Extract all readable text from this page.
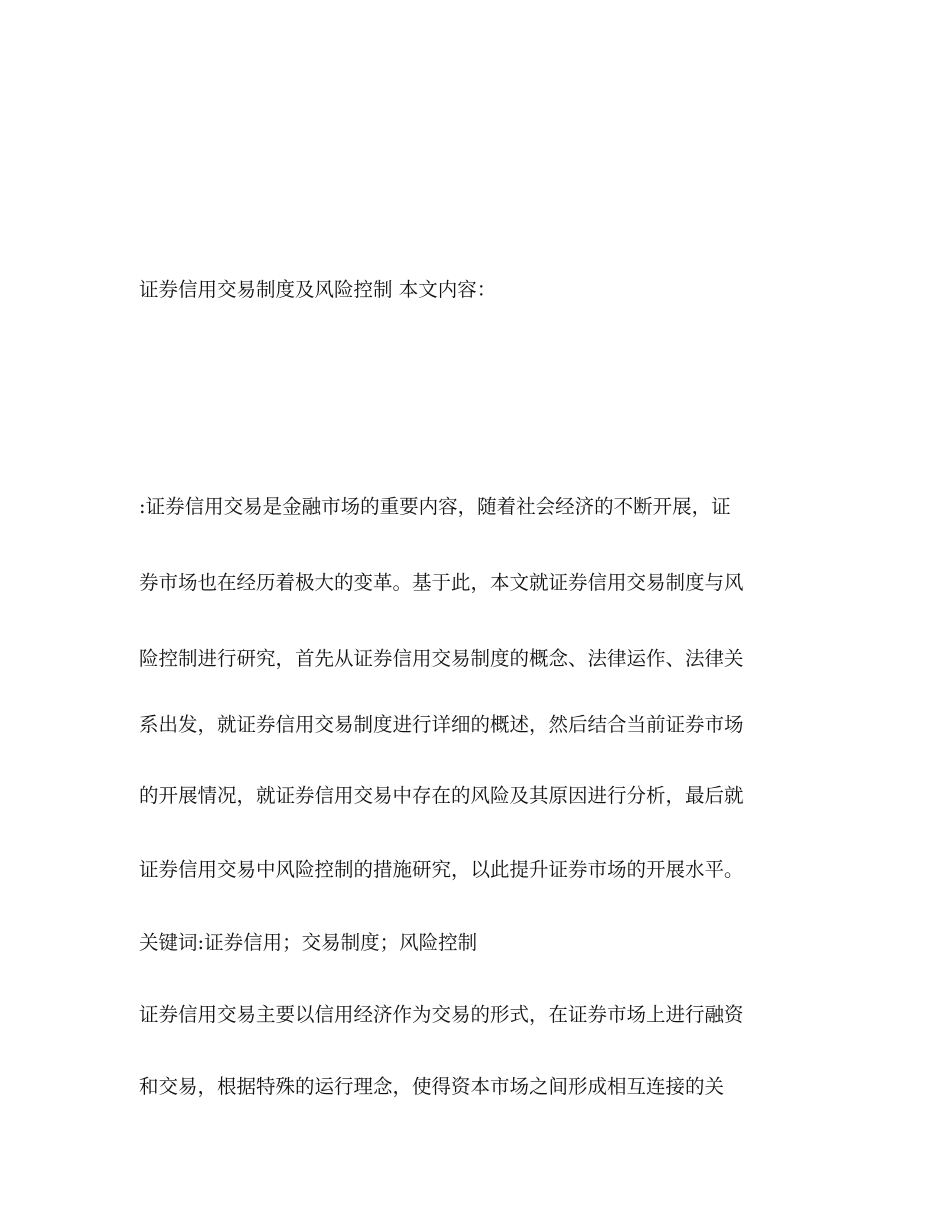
证券信用交易制度及风险控制 本文内容：
:证券信用交易是金融市场的重要内容，随着社会经济的不断开展，证
券市场也在经历着极大的变革。基于此，本文就证券信用交易制度与风
险控制进行研究，首先从证券信用交易制度的概念、法律运作、法律关
系出发，就证券信用交易制度进行详细的概述，然后结合当前证券市场
的开展情况，就证券信用交易中存在的风险及其原因进行分析，最后就
证券信用交易中风险控制的措施研究，以此提升证券市场的开展水平。
关键词:证券信用；交易制度；风险控制
证券信用交易主要以信用经济作为交易的形式，在证券市场上进行融资
和交易，根据特殊的运行理念，使得资本市场之间形成相互连接的关
